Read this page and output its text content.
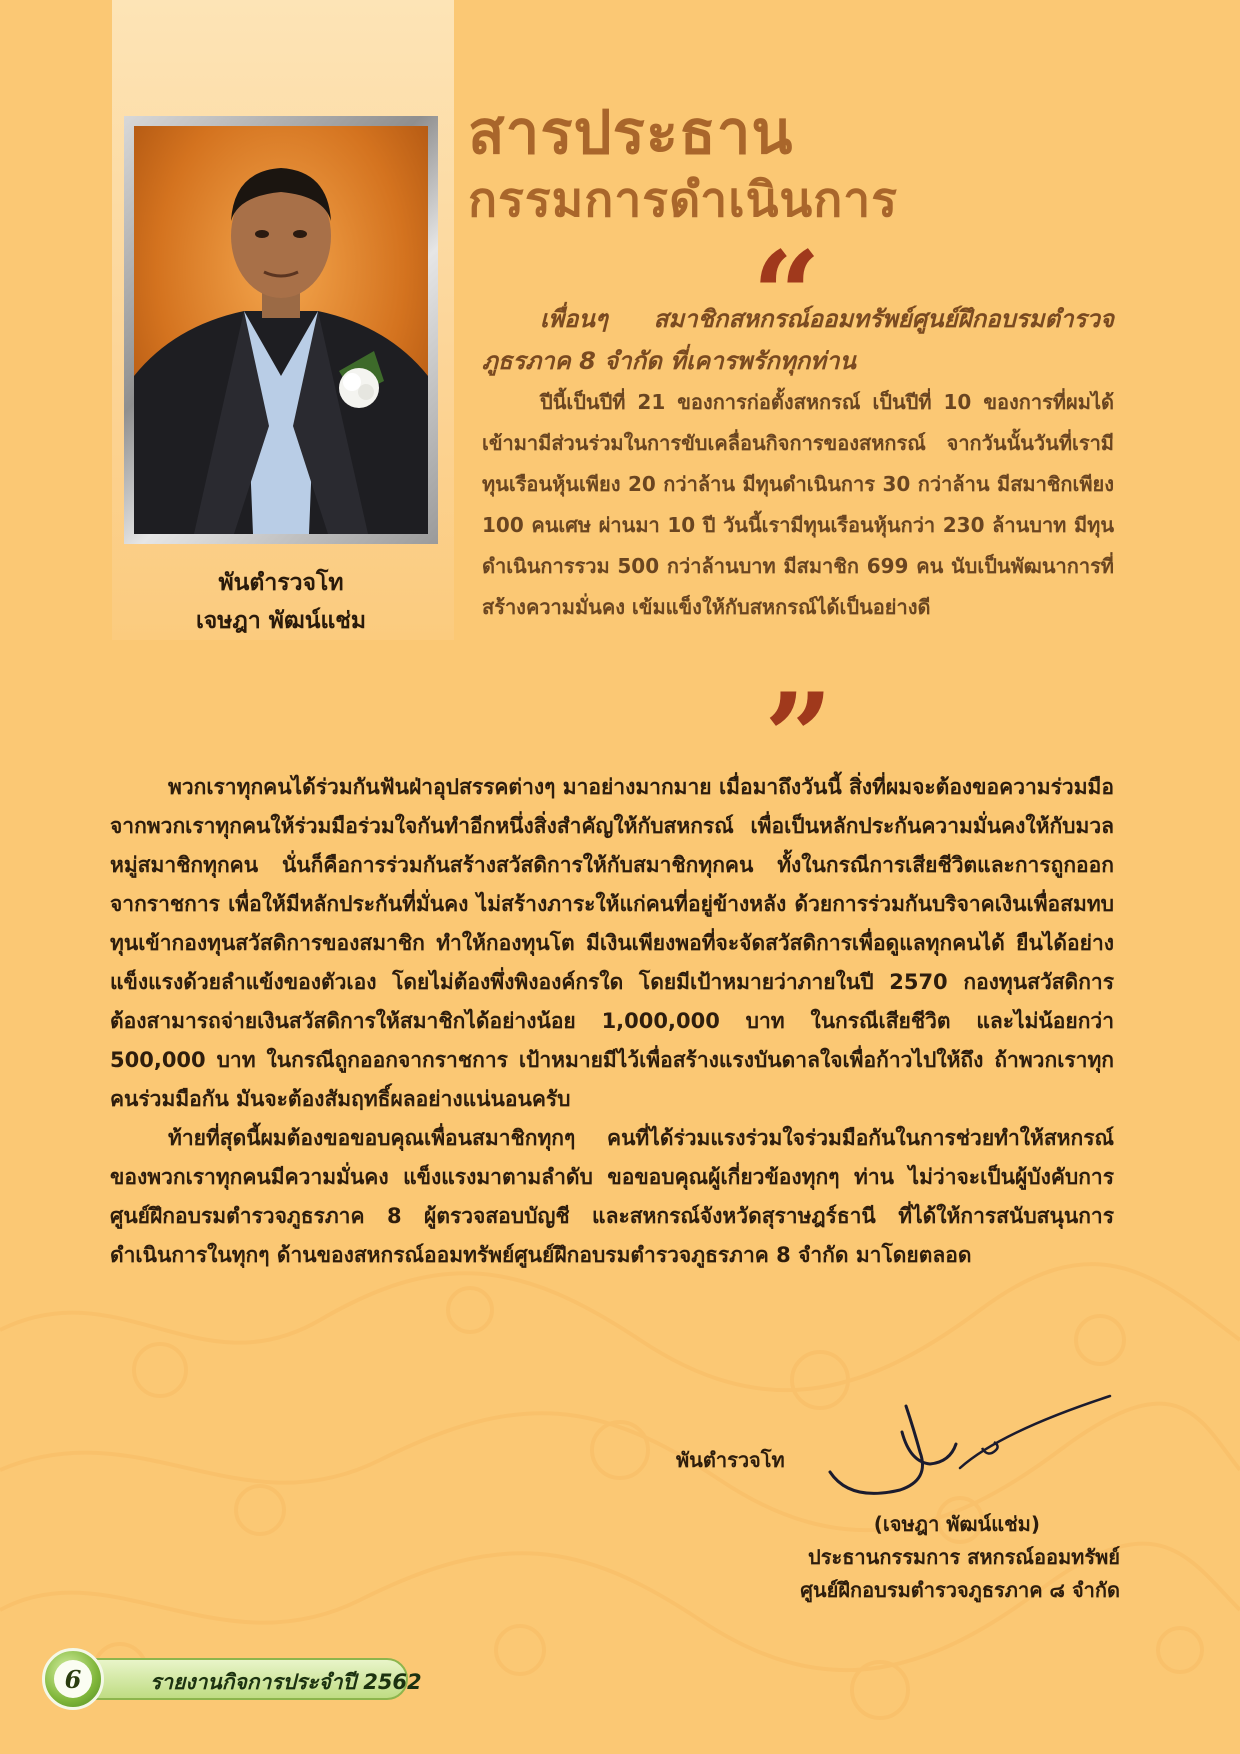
พันตำรวจโท
เจษฎา พัฒน์แช่ม
สารประธาน
กรรมการดำเนินการ
“
เพื่อนๆ สมาชิกสหกรณ์ออมทรัพย์ศูนย์ฝึกอบรมตำรวจภูธรภาค 8 จำกัด ที่เคารพรักทุกท่าน
ปีนี้เป็นปีที่ 21 ของการก่อตั้งสหกรณ์ เป็นปีที่ 10 ของการที่ผมได้เข้ามามีส่วนร่วมในการขับเคลื่อนกิจการของสหกรณ์ จากวันนั้นวันที่เรามีทุนเรือนหุ้นเพียง 20 กว่าล้าน มีทุนดำเนินการ 30 กว่าล้าน มีสมาชิกเพียง 100 คนเศษ ผ่านมา 10 ปี วันนี้เรามีทุนเรือนหุ้นกว่า 230 ล้านบาท มีทุนดำเนินการรวม 500 กว่าล้านบาท มีสมาชิก 699 คน นับเป็นพัฒนาการที่สร้างความมั่นคง เข้มแข็งให้กับสหกรณ์ได้เป็นอย่างดี
”

พวกเราทุกคนได้ร่วมกันฟันฝ่าอุปสรรคต่างๆ มาอย่างมากมาย เมื่อมาถึงวันนี้ สิ่งที่ผมจะต้องขอความร่วมมือจากพวกเราทุกคนให้ร่วมมือร่วมใจกันทำอีกหนึ่งสิ่งสำคัญให้กับสหกรณ์ เพื่อเป็นหลักประกันความมั่นคงให้กับมวลหมู่สมาชิกทุกคน นั่นก็คือการร่วมกันสร้างสวัสดิการให้กับสมาชิกทุกคน ทั้งในกรณีการเสียชีวิตและการถูกออกจากราชการ เพื่อให้มีหลักประกันที่มั่นคง ไม่สร้างภาระให้แก่คนที่อยู่ข้างหลัง ด้วยการร่วมกันบริจาคเงินเพื่อสมทบทุนเข้ากองทุนสวัสดิการของสมาชิก ทำให้กองทุนโต มีเงินเพียงพอที่จะจัดสวัสดิการเพื่อดูแลทุกคนได้ ยืนได้อย่างแข็งแรงด้วยลำแข้งของตัวเอง โดยไม่ต้องพึ่งพิงองค์กรใด โดยมีเป้าหมายว่าภายในปี 2570 กองทุนสวัสดิการต้องสามารถจ่ายเงินสวัสดิการให้สมาชิกได้อย่างน้อย 1,000,000 บาท ในกรณีเสียชีวิต และไม่น้อยกว่า 500,000 บาท ในกรณีถูกออกจากราชการ เป้าหมายมีไว้เพื่อสร้างแรงบันดาลใจเพื่อก้าวไปให้ถึง ถ้าพวกเราทุกคนร่วมมือกัน มันจะต้องสัมฤทธิ์ผลอย่างแน่นอนครับ

ท้ายที่สุดนี้ผมต้องขอขอบคุณเพื่อนสมาชิกทุกๆ คนที่ได้ร่วมแรงร่วมใจร่วมมือกันในการช่วยทำให้สหกรณ์ของพวกเราทุกคนมีความมั่นคง แข็งแรงมาตามลำดับ ขอขอบคุณผู้เกี่ยวข้องทุกๆ ท่าน ไม่ว่าจะเป็นผู้บังคับการศูนย์ฝึกอบรมตำรวจภูธรภาค 8 ผู้ตรวจสอบบัญชี และสหกรณ์จังหวัดสุราษฎร์ธานี ที่ได้ให้การสนับสนุนการดำเนินการในทุกๆ ด้านของสหกรณ์ออมทรัพย์ศูนย์ฝึกอบรมตำรวจภูธรภาค 8 จำกัด มาโดยตลอด

พันตำรวจโท
(เจษฎา พัฒน์แช่ม)
ประธานกรรมการ สหกรณ์ออมทรัพย์
ศูนย์ฝึกอบรมตำรวจภูธรภาค ๘ จำกัด
รายงานกิจการประจำปี 2562
6
